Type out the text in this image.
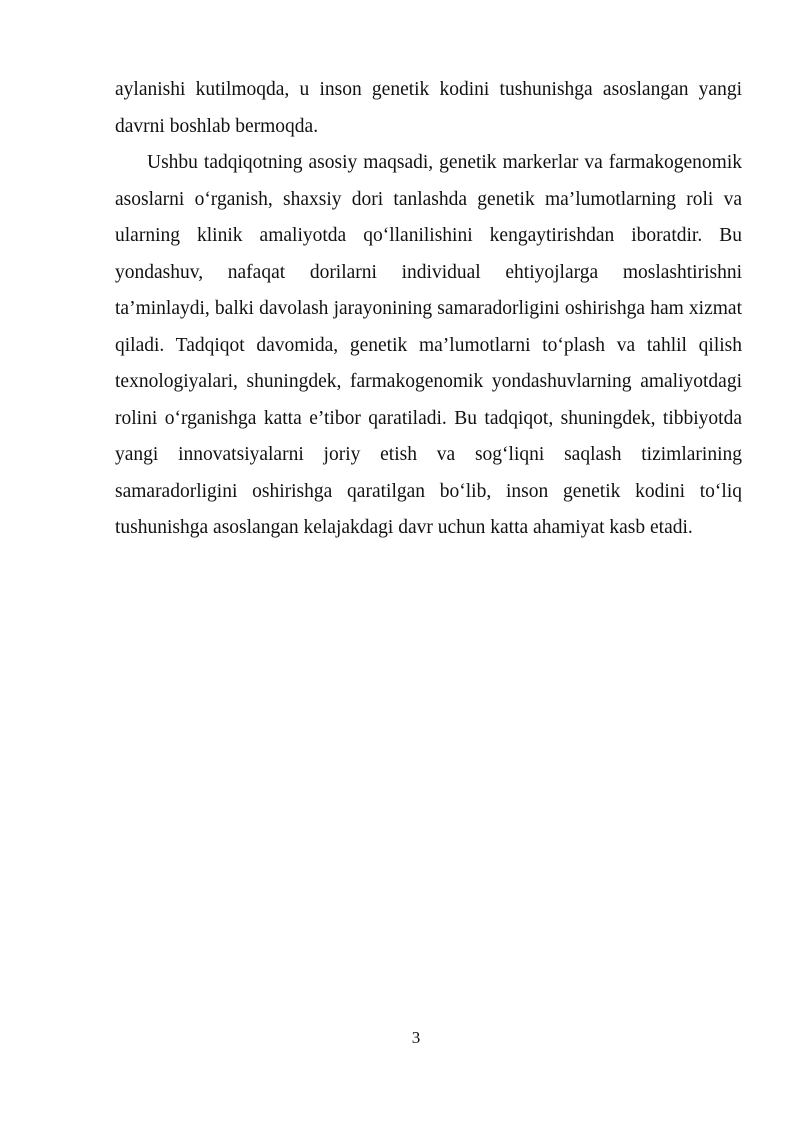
aylanishi kutilmoqda, u inson genetik kodini tushunishga asoslangan yangi davrni boshlab bermoqda.

Ushbu tadqiqotning asosiy maqsadi, genetik markerlar va farmakogenomik asoslarni o‘rganish, shaxsiy dori tanlashda genetik ma’lumotlarning roli va ularning klinik amaliyotda qo‘llanilishini kengaytirishdan iboratdir. Bu yondashuv, nafaqat dorilarni individual ehtiyojlarga moslashtirishni ta’minlaydi, balki davolash jarayonining samaradorligini oshirishga ham xizmat qiladi. Tadqiqot davomida, genetik ma’lumotlarni to‘plash va tahlil qilish texnologiyalari, shuningdek, farmakogenomik yondashuvlarning amaliyotdagi rolini o‘rganishga katta e’tibor qaratiladi. Bu tadqiqot, shuningdek, tibbiyotda yangi innovatsiyalarni joriy etish va sog‘liqni saqlash tizimlarining samaradorligini oshirishga qaratilgan bo‘lib, inson genetik kodini to‘liq tushunishga asoslangan kelajakdagi davr uchun katta ahamiyat kasb etadi.

3
